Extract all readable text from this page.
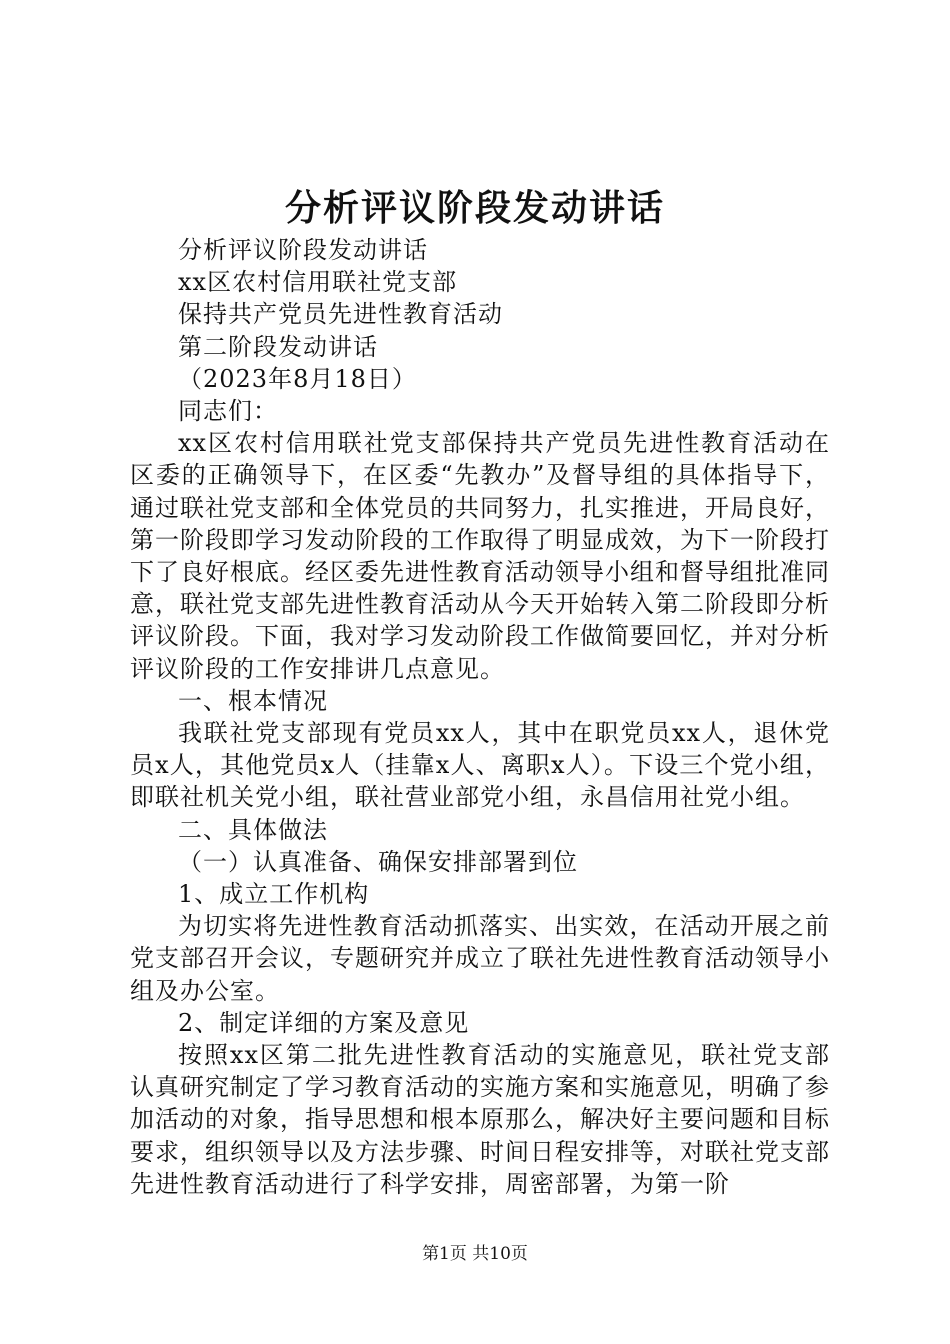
分析评议阶段发动讲话

分析评议阶段发动讲话

xx区农村信用联社党支部

保持共产党员先进性教育活动

第二阶段发动讲话

（2023年8月18日）

同志们：

xx区农村信用联社党支部保持共产党员先进性教育活动在区委的正确领导下，在区委“先教办”及督导组的具体指导下，通过联社党支部和全体党员的共同努力，扎实推进，开局良好，第一阶段即学习发动阶段的工作取得了明显成效，为下一阶段打下了良好根底。经区委先进性教育活动领导小组和督导组批准同意，联社党支部先进性教育活动从今天开始转入第二阶段即分析评议阶段。下面，我对学习发动阶段工作做简要回忆，并对分析评议阶段的工作安排讲几点意见。

一、根本情况

我联社党支部现有党员xx人，其中在职党员xx人，退休党员x人，其他党员x人（挂靠x人、离职x人）。下设三个党小组，即联社机关党小组，联社营业部党小组，永昌信用社党小组。

二、具体做法

（一）认真准备、确保安排部署到位

1、成立工作机构

为切实将先进性教育活动抓落实、出实效，在活动开展之前党支部召开会议，专题研究并成立了联社先进性教育活动领导小组及办公室。

2、制定详细的方案及意见

按照xx区第二批先进性教育活动的实施意见，联社党支部认真研究制定了学习教育活动的实施方案和实施意见，明确了参加活动的对象，指导思想和根本原那么，解决好主要问题和目标要求，组织领导以及方法步骤、时间日程安排等，对联社党支部先进性教育活动进行了科学安排，周密部署，为第一阶

第1页 共10页
